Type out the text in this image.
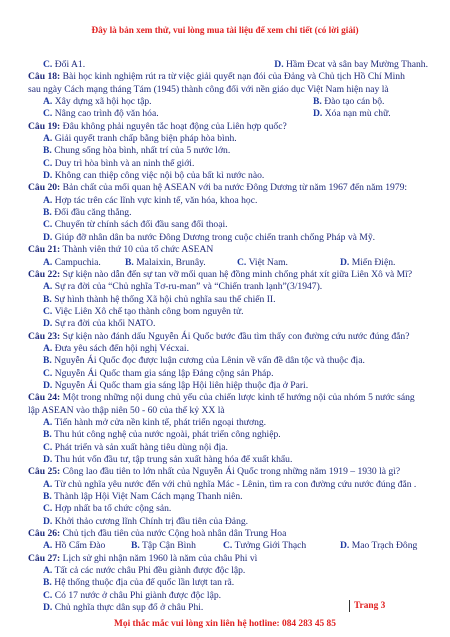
Đây là bản xem thử, vui lòng mua tài liệu để xem chi tiết (có lời giải)
C. Đối A1.	D. Hầm Đcat và sân bay Mường Thanh.
Câu 18: Bài học kinh nghiệm rút ra từ việc giải quyết nạn đói của Đảng và Chủ tịch Hồ Chí Minh
sau ngày Cách mạng tháng Tám (1945) thành công đối với nền giáo dục Việt Nam hiện nay là
A. Xây dựng xã hội học tập.	B. Đào tạo cán bộ.
C. Nâng cao trình độ văn hóa.	D. Xóa nạn mù chữ.
Câu 19: Đâu không phải nguyên tắc hoạt động của Liên hợp quốc?
A. Giải quyết tranh chấp bằng biện pháp hòa bình.
B. Chung sống hòa bình, nhất trí của 5 nước lớn.
C. Duy trì hòa bình và an ninh thế giới.
D. Không can thiệp công việc nội bộ của bất kì nước nào.
Câu 20: Bản chất của mối quan hệ ASEAN với ba nước Đông Dương từ năm 1967 đến năm 1979:
A. Hợp tác trên các lĩnh vực kinh tế, văn hóa, khoa học.
B. Đối đầu căng thẳng.
C. Chuyển từ chính sách đối đầu sang đối thoại.
D. Giúp đỡ nhân dân ba nước Đông Dương trong cuộc chiến tranh chống Pháp và Mỹ.
Câu 21: Thành viên thứ 10 của tổ chức ASEAN
A. Campuchia.	B. Malaixin, Brunây.	C. Việt Nam.	D. Miến Điện.
Câu 22: Sự kiện nào dẫn đến sự tan vỡ mối quan hệ đồng minh chống phát xít giữa Liên Xô và Mĩ?
A. Sự ra đời của “Chủ nghĩa Tơ-ru-man” và “Chiến tranh lạnh”(3/1947).
B. Sự hình thành hệ thống Xã hội chủ nghĩa sau thế chiến II.
C. Việc Liên Xô chế tạo thành công bom nguyên tử.
D. Sự ra đời của khối NATO.
Câu 23: Sự kiện nào đánh dấu Nguyễn Ái Quốc bước đầu tìm thấy con đường cứu nước đúng đắn?
A. Đưa yêu sách đến hội nghị Vécxai.
B. Nguyễn Ái Quốc đọc được luận cương của Lênin về vấn đề dân tộc và thuộc địa.
C. Nguyễn Ái Quốc tham gia sáng lập Đảng cộng sản Pháp.
D. Nguyễn Ái Quốc tham gia sáng lập Hội liên hiệp thuộc địa ở Pari.
Câu 24: Một trong những nội dung chủ yếu của chiến lược kinh tế hướng nội của nhóm 5 nước sáng
lập ASEAN vào thập niên 50 - 60 của thế kỷ XX là
A. Tiến hành mở cửa nền kinh tế, phát triển ngoại thương.
B. Thu hút công nghệ của nước ngoài, phát triển công nghiệp.
C. Phát triển và sản xuất hàng tiêu dùng nội địa.
D. Thu hút vốn đầu tư, tập trung sản xuất hàng hóa để xuất khẩu.
Câu 25: Công lao đầu tiên to lớn nhất của Nguyễn Ái Quốc trong những năm 1919 – 1930 là gì?
A. Từ chủ nghĩa yêu nước đến với chủ nghĩa Mác - Lênin, tìm ra con đường cứu nước đúng đắn .
B. Thành lập Hội Việt Nam Cách mạng Thanh niên.
C. Hợp nhất ba tổ chức cộng sản.
D. Khởi thảo cương lĩnh Chính trị đầu tiên của Đảng.
Câu 26: Chủ tịch đầu tiên của nước Cộng hoà nhân dân Trung Hoa
A. Hồ Cẩm Đào	B. Tập Cận Bình	C. Tưởng Giới Thạch	D. Mao Trạch Đông
Câu 27: Lịch sử ghi nhận năm 1960 là năm của châu Phi vì
A. Tất cả các nước châu Phi đều giành được độc lập.
B. Hệ thống thuộc địa của đế quốc lần lượt tan rã.
C. Có 17 nước ở châu Phi giành được độc lập.
D. Chủ nghĩa thực dân sụp đổ ở châu Phi.	Trang 3
Mọi thắc mắc vui lòng xin liên hệ hotline: 084 283 45 85
